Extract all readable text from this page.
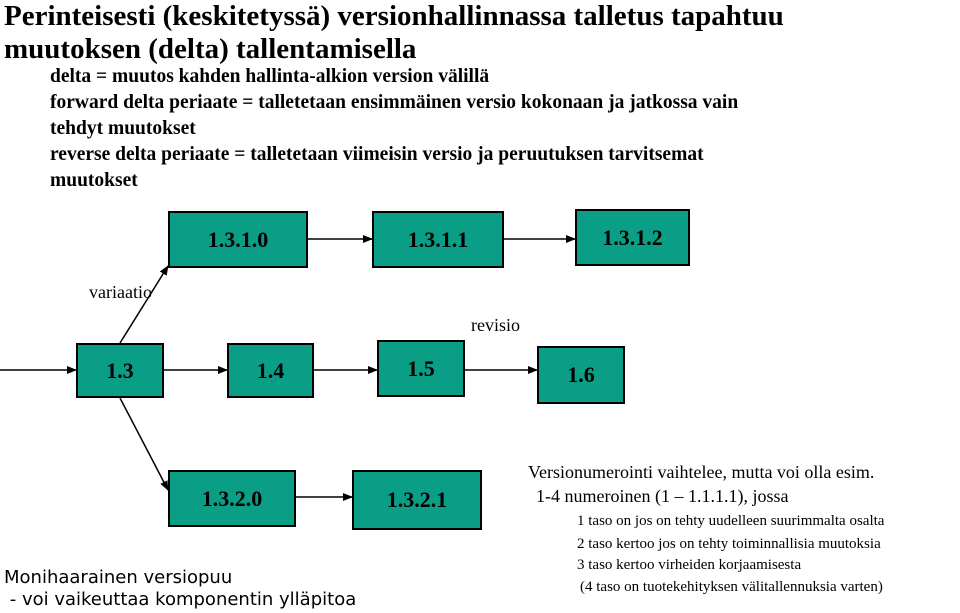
Perinteisesti (keskitetyssä) versionhallinnassa talletus tapahtuu
muutoksen (delta) tallentamisella

delta = muutos kahden hallinta-alkion version välillä

forward delta periaate = talletetaan ensimmäinen versio kokonaan ja jatkossa vain

tehdyt muutokset

reverse delta periaate = talletetaan viimeisin versio ja peruutuksen tarvitsemat

muutokset

1.3.1.0	1.3.1.1	1.3.1.2
variaatio
revisio
1.3	1.4	1.5	1.6
1.3.2.0	1.3.2.1
Monihaarainen versiopuu
- voi vaikeuttaa komponentin ylläpitoa
Versionumerointi vaihtelee, mutta voi olla esim.
1-4 numeroinen (1 – 1.1.1.1), jossa
1 taso on jos on tehty uudelleen suurimmalta osalta
2 taso kertoo jos on tehty toiminnallisia muutoksia
3 taso kertoo virheiden korjaamisesta
(4 taso on tuotekehityksen välitallennuksia varten)
